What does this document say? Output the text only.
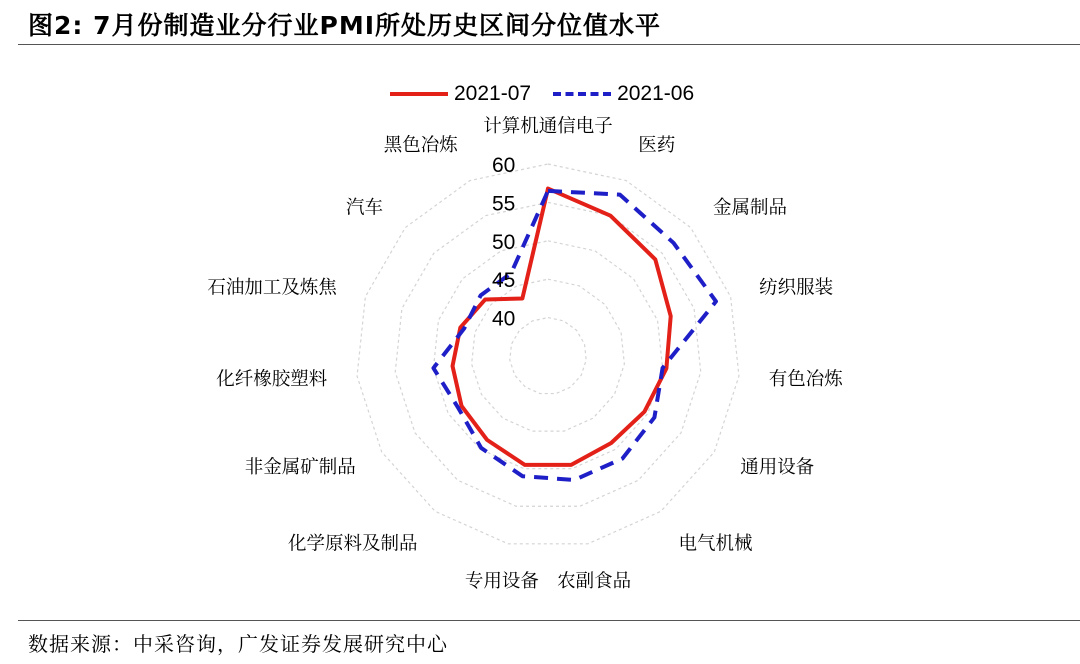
图2: 7月份制造业分行业PMI所处历史区间分位值水平
2021-07	2021-06
40
45
50
55
60
计算机通信电子
医药
金属制品
纺织服装
有色冶炼
通用设备
电气机械
农副食品
专用设备
化学原料及制品
非金属矿制品
化纤橡胶塑料
石油加工及炼焦
汽车
黑色冶炼
数据来源：中采咨询，广发证券发展研究中心
